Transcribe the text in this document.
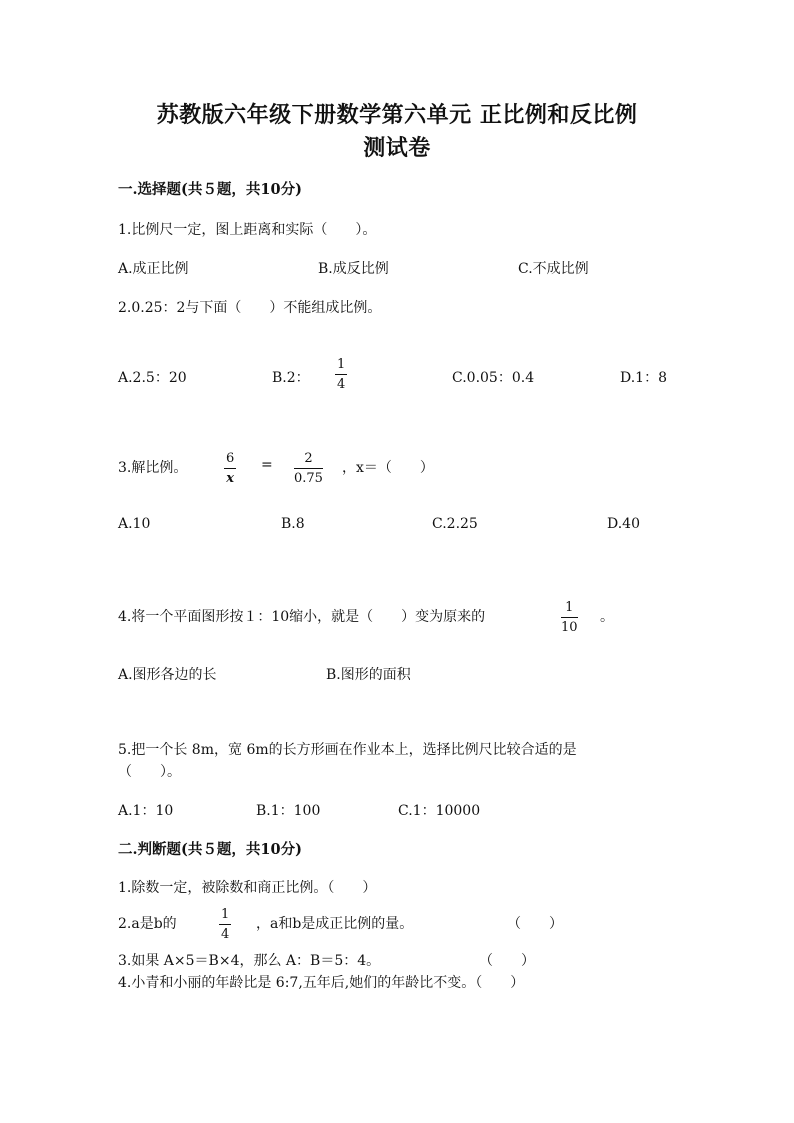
苏教版六年级下册数学第六单元 正比例和反比例
测试卷
一.选择题(共５题，共10分)
1.比例尺一定，图上距离和实际（　　）。
A.成正比例	B.成反比例	C.不成比例
2.0.25：2与下面（　　）不能组成比例。
A.2.5：20	B.2：
1
4	C.0.05：0.4	D.1：8
3.解比例。
6
x
= 2
0.75
，x＝（　　）
A.10	B.8	C.2.25	D.40
4.将一个平面图形按１：10缩小，就是（　　）变为原来的
1
10
。
A.图形各边的长	B.图形的面积
5.把一个长 8m，宽 6m的长方形画在作业本上，选择比例尺比较合适的是
（　　）。
A.1：10	B.1：100	C.1：10000
二.判断题(共５题，共10分)
1.除数一定，被除数和商正比例。（　　）
2.a是b的
1
4
，a和b是成正比例的量。	（　　）
3.如果 A×5＝B×4，那么 A：B＝5：4。	（　　）
4.小青和小丽的年龄比是 6:7,五年后,她们的年龄比不变。（　　）
